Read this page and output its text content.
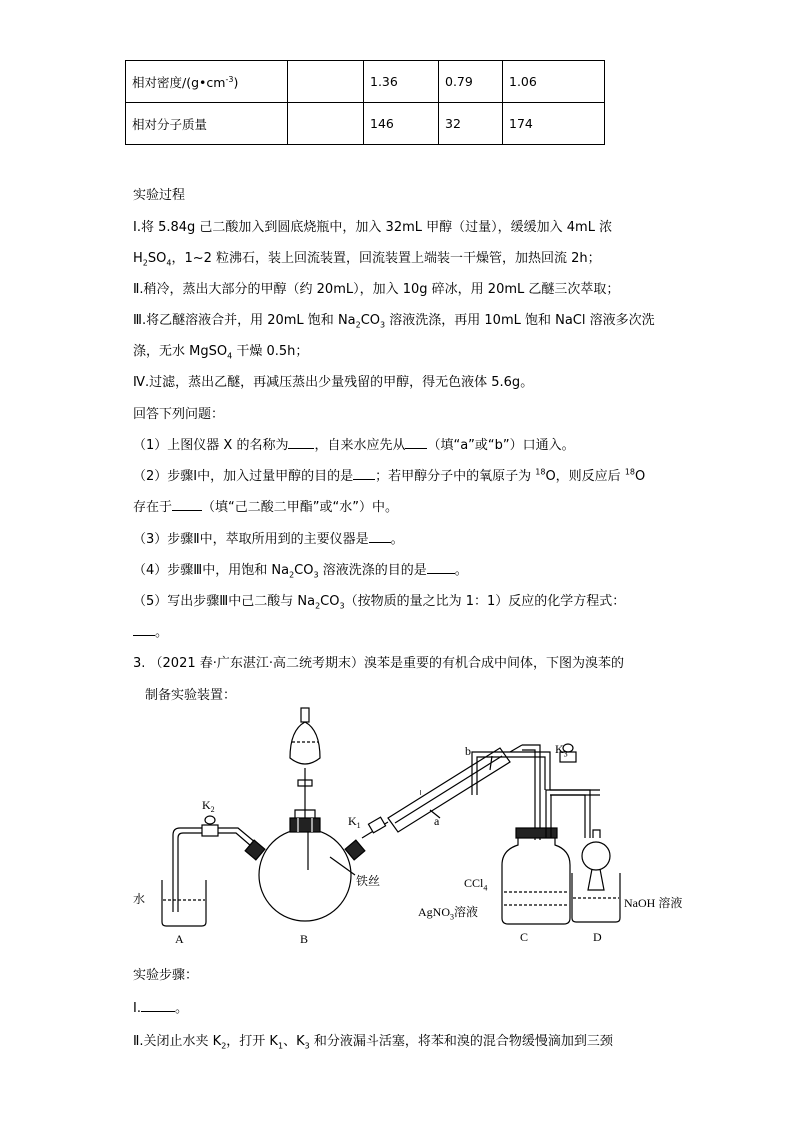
相对密度$/(g•cm^{-3})$		1.36	0.79	1.06
相对分子质量		146	32	174
实验过程
Ⅰ.将 5.84g 己二酸加入到圆底烧瓶中，加入 32mL 甲醇（过量），缓缓加入 4mL 浓
$H_2SO_4$，1~2 粒沸石，装上回流装置，回流装置上端装一干燥管，加热回流 2h；
Ⅱ.稍冷，蒸出大部分的甲醇（约 20mL），加入 10g 碎冰，用 20mL 乙醚三次萃取；
Ⅲ.将乙醚溶液合并，用 20mL 饱和 $Na_2CO_3$ 溶液洗涤，再用 10mL 饱和 NaCl 溶液多次洗
涤，无水 MgSO$_4$ 干燥 0.5h；
Ⅳ.过滤，蒸出乙醚，再减压蒸出少量残留的甲醇，得无色液体 5.6g。
回答下列问题：
（1）上图仪器 X 的名称为 ，自来水应先从 （填“a”或“b”）口通入。
（2）步骤Ⅰ中，加入过量甲醇的目的是 ；若甲醇分子中的氧原子为 $^{18}$O，则反应后 $^{18}$O
存在于 （填“己二酸二甲酯”或“水”）中。
（3）步骤Ⅱ中，萃取所用到的主要仪器是 。
（4）步骤Ⅲ中，用饱和 $Na_2CO_3$ 溶液洗涤的目的是 。
（5）写出步骤Ⅲ中己二酸与 $Na_2CO_3$（按物质的量之比为 1：1）反应的化学方程式：
。
3. （2021 春·广东湛江·高二统考期末）溴苯是重要的有机合成中间体，下图为溴苯的
制备实验装置：
水
$K_2$
$K_1$
b
a
铁丝
A	B
$K_3$
CCl$_4$
AgNO$_3$溶液
NaOH 溶液
C	D
实验步骤：
Ⅰ.	。
Ⅱ.关闭止水夹 $K_2$，打开 $K_1$、$K_3$ 和分液漏斗活塞，将苯和溴的混合物缓慢滴加到三颈
